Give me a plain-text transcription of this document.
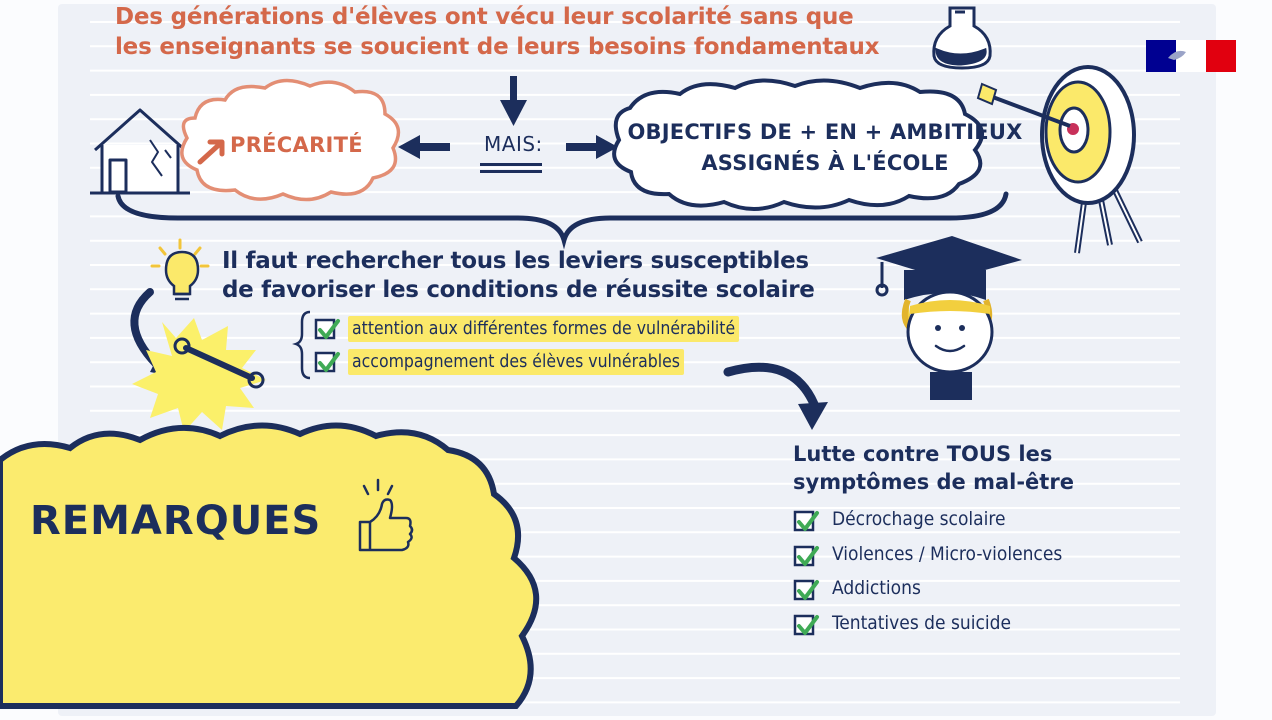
Des générations d'élèves ont vécu leur scolarité sans que
les enseignants se soucient de leurs besoins fondamentaux
PRÉCARITÉ	MAIS:	OBJECTIFS DE + EN + AMBITIEUX
ASSIGNÉS À L'ÉCOLE
Il faut rechercher tous les leviers susceptibles
de favoriser les conditions de réussite scolaire
attention aux différentes formes de vulnérabilité
accompagnement des élèves vulnérables
Lutte contre TOUS les
symptômes de mal-être
Décrochage scolaire
Violences / Micro-violences
Addictions
Tentatives de suicide
REMARQUES
